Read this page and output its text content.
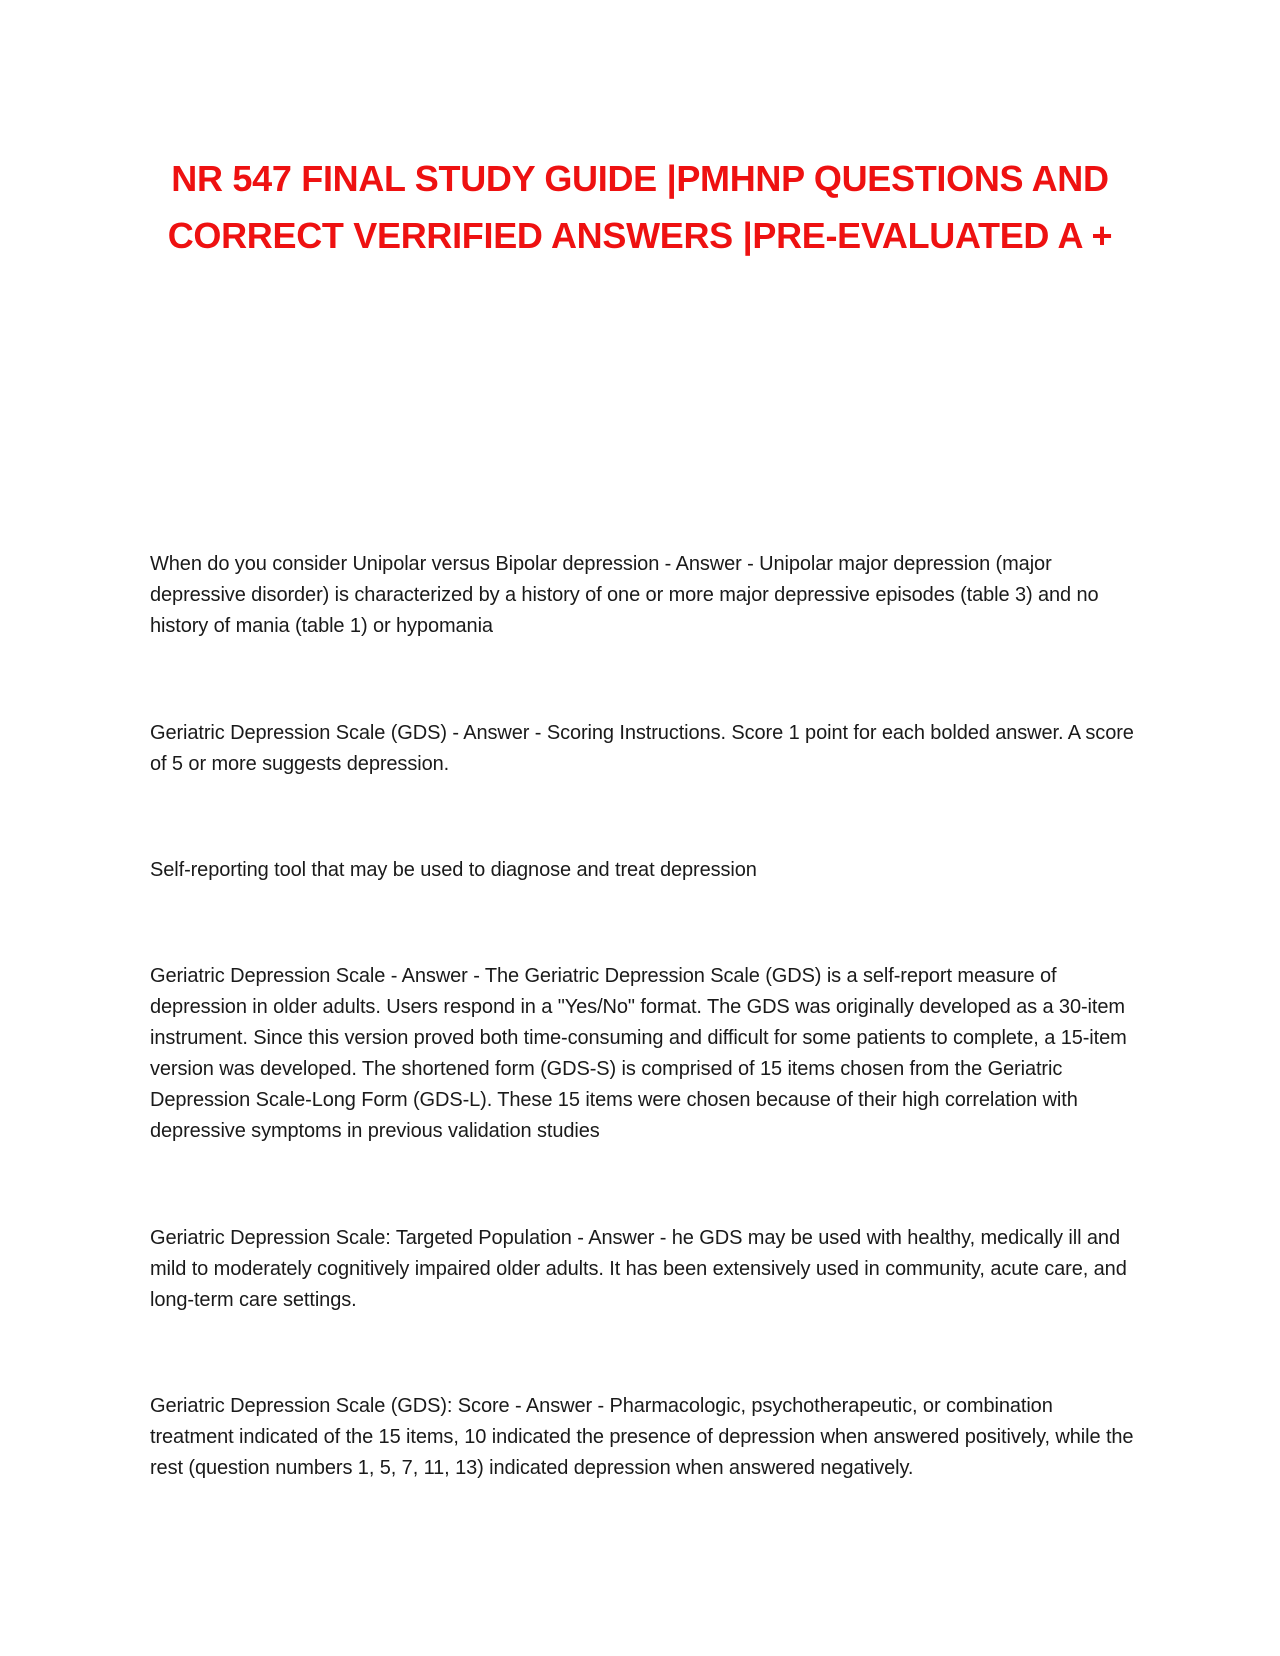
NR 547 FINAL STUDY GUIDE |PMHNP QUESTIONS AND
CORRECT VERRIFIED ANSWERS |PRE-EVALUATED A +

When do you consider Unipolar versus Bipolar depression - Answer - Unipolar major depression (major depressive disorder) is characterized by a history of one or more major depressive episodes (table 3) and no history of mania (table 1) or hypomania

Geriatric Depression Scale (GDS) - Answer - Scoring Instructions. Score 1 point for each bolded answer. A score of 5 or more suggests depression.

Self-reporting tool that may be used to diagnose and treat depression

Geriatric Depression Scale - Answer - The Geriatric Depression Scale (GDS) is a self-report measure of depression in older adults. Users respond in a "Yes/No" format. The GDS was originally developed as a 30-item instrument. Since this version proved both time-consuming and difficult for some patients to complete, a 15-item version was developed. The shortened form (GDS-S) is comprised of 15 items chosen from the Geriatric Depression Scale-Long Form (GDS-L). These 15 items were chosen because of their high correlation with depressive symptoms in previous validation studies

Geriatric Depression Scale: Targeted Population - Answer - he GDS may be used with healthy, medically ill and mild to moderately cognitively impaired older adults. It has been extensively used in community, acute care, and long-term care settings.

Geriatric Depression Scale (GDS): Score - Answer - Pharmacologic, psychotherapeutic, or combination treatment indicated of the 15 items, 10 indicated the presence of depression when answered positively, while the rest (question numbers 1, 5, 7, 11, 13) indicated depression when answered negatively.
